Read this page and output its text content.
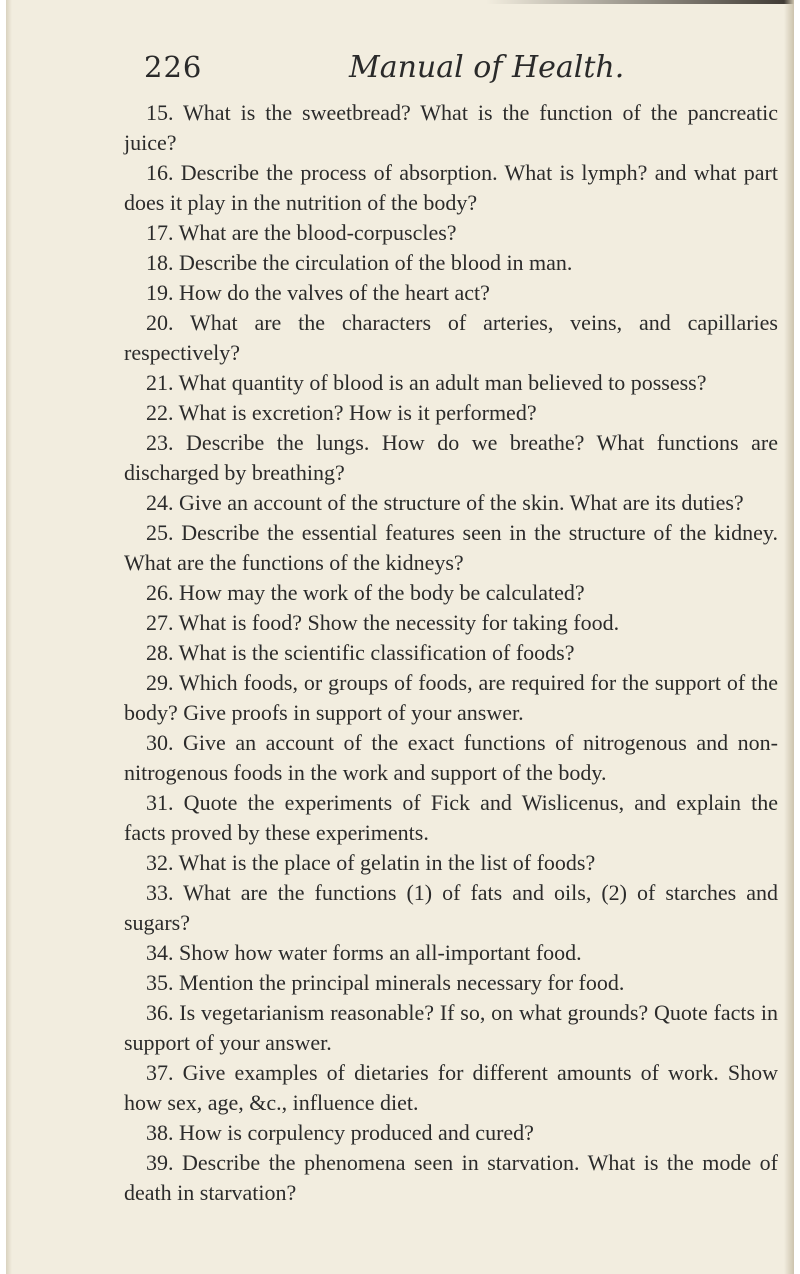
226	Manual of Health.

15. What is the sweetbread? What is the function of the pancreatic juice?

16. Describe the process of absorption. What is lymph? and what part does it play in the nutrition of the body?

17. What are the blood-corpuscles?

18. Describe the circulation of the blood in man.

19. How do the valves of the heart act?

20. What are the characters of arteries, veins, and capillaries respectively?

21. What quantity of blood is an adult man believed to possess?

22. What is excretion? How is it performed?

23. Describe the lungs. How do we breathe? What functions are discharged by breathing?

24. Give an account of the structure of the skin. What are its duties?

25. Describe the essential features seen in the structure of the kidney. What are the functions of the kidneys?

26. How may the work of the body be calculated?

27. What is food? Show the necessity for taking food.

28. What is the scientific classification of foods?

29. Which foods, or groups of foods, are required for the support of the body? Give proofs in support of your answer.

30. Give an account of the exact functions of nitrogenous and non-nitrogenous foods in the work and support of the body.

31. Quote the experiments of Fick and Wislicenus, and explain the facts proved by these experiments.

32. What is the place of gelatin in the list of foods?

33. What are the functions (1) of fats and oils, (2) of starches and sugars?

34. Show how water forms an all-important food.

35. Mention the principal minerals necessary for food.

36. Is vegetarianism reasonable? If so, on what grounds? Quote facts in support of your answer.

37. Give examples of dietaries for different amounts of work. Show how sex, age, &c., influence diet.

38. How is corpulency produced and cured?

39. Describe the phenomena seen in starvation. What is the mode of death in starvation?
